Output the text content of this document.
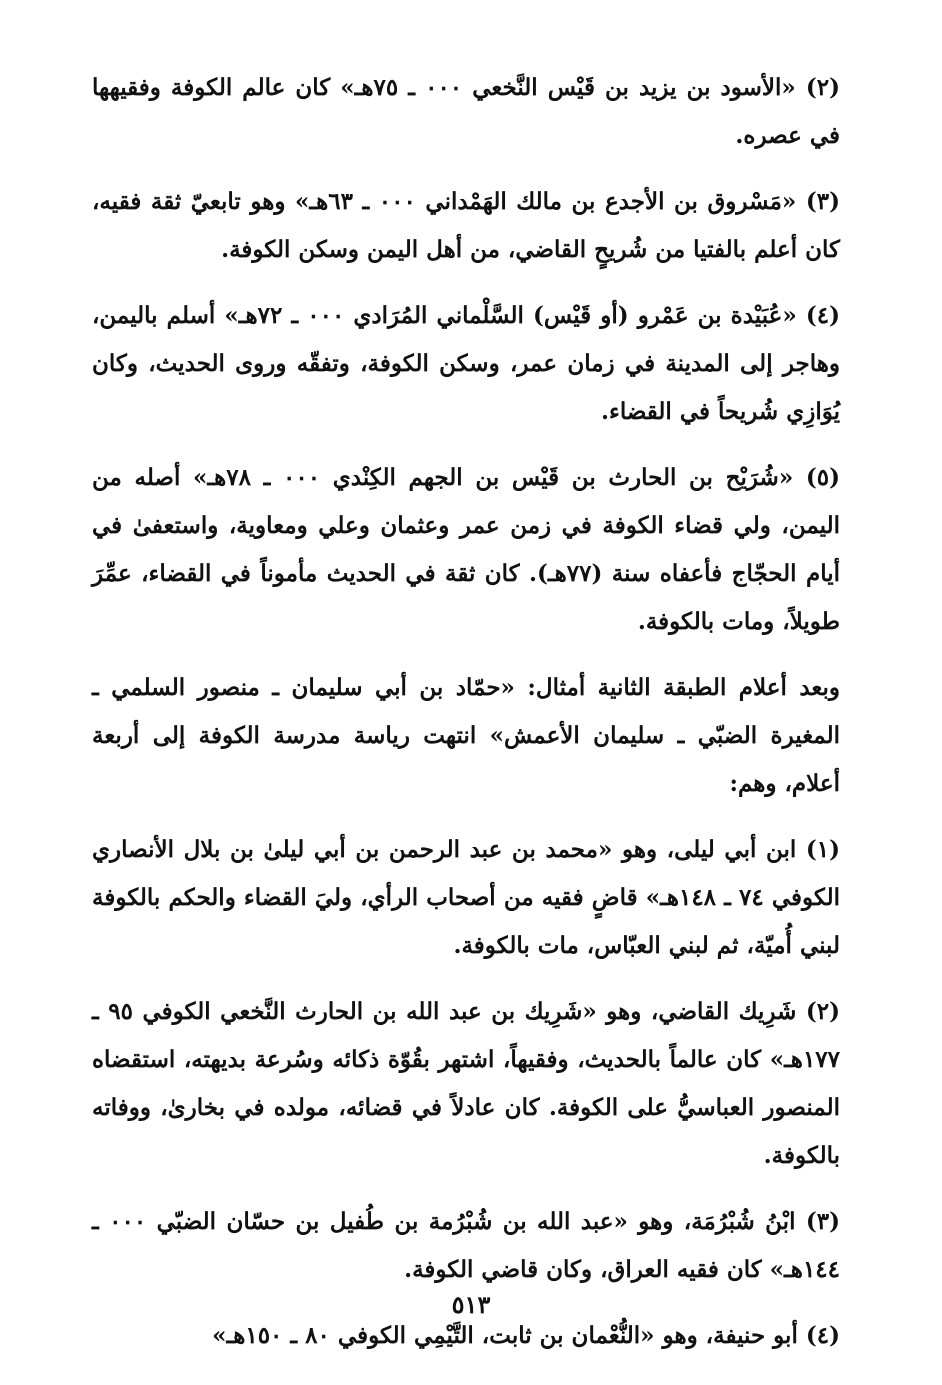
(٢) «الأسود بن يزيد بن قَيْس النَّخعي ٠٠٠ ـ ٧٥هـ» كان عالم الكوفة وفقيهها في عصره.

(٣) «مَسْروق بن الأجدع بن مالك الهَمْداني ٠٠٠ ـ ٦٣هـ» وهو تابعيّ ثقة فقيه، كان أعلم بالفتيا من شُريحٍ القاضي، من أهل اليمن وسكن الكوفة.

(٤) «عُبَيْدة بن عَمْرو (أو قَيْس) السَّلْماني المُرَادي ٠٠٠ ـ ٧٢هـ» أسلم باليمن، وهاجر إلى المدينة في زمان عمر، وسكن الكوفة، وتفقّه وروى الحديث، وكان يُوَازِي شُريحاً في القضاء.

(٥) «شُرَيْح بن الحارث بن قَيْس بن الجهم الكِنْدي ٠٠٠ ـ ٧٨هـ» أصله من اليمن، ولي قضاء الكوفة في زمن عمر وعثمان وعلي ومعاوية، واستعفىٰ في أيام الحجّاج فأعفاه سنة (٧٧هـ). كان ثقة في الحديث مأموناً في القضاء، عمِّرَ طويلاً، ومات بالكوفة.

وبعد أعلام الطبقة الثانية أمثال: «حمّاد بن أبي سليمان ـ منصور السلمي ـ المغيرة الضبّي ـ سليمان الأعمش» انتهت رياسة مدرسة الكوفة إلى أربعة أعلام، وهم:

(١) ابن أبي ليلى، وهو «محمد بن عبد الرحمن بن أبي ليلىٰ بن بلال الأنصاري الكوفي ٧٤ ـ ١٤٨هـ» قاضٍ فقيه من أصحاب الرأي، وليَ القضاء والحكم بالكوفة لبني أُميّة، ثم لبني العبّاس، مات بالكوفة.

(٢) شَرِيك القاضي، وهو «شَرِيك بن عبد الله بن الحارث النَّخعي الكوفي ٩٥ ـ ١٧٧هـ» كان عالماً بالحديث، وفقيهاً، اشتهر بقُوّة ذكائه وسُرعة بديهته، استقضاه المنصور العباسيُّ على الكوفة. كان عادلاً في قضائه، مولده في بخارىٰ، ووفاته بالكوفة.

(٣) ابْنُ شُبْرُمَة، وهو «عبد الله بن شُبْرُمة بن طُفيل بن حسّان الضبّي ٠٠٠ ـ ١٤٤هـ» كان فقيه العراق، وكان قاضي الكوفة.

(٤) أبو حنيفة، وهو «النُّعْمان بن ثابت، التَّيْمِي الكوفي ٨٠ ـ ١٥٠هـ»

٥١٣
